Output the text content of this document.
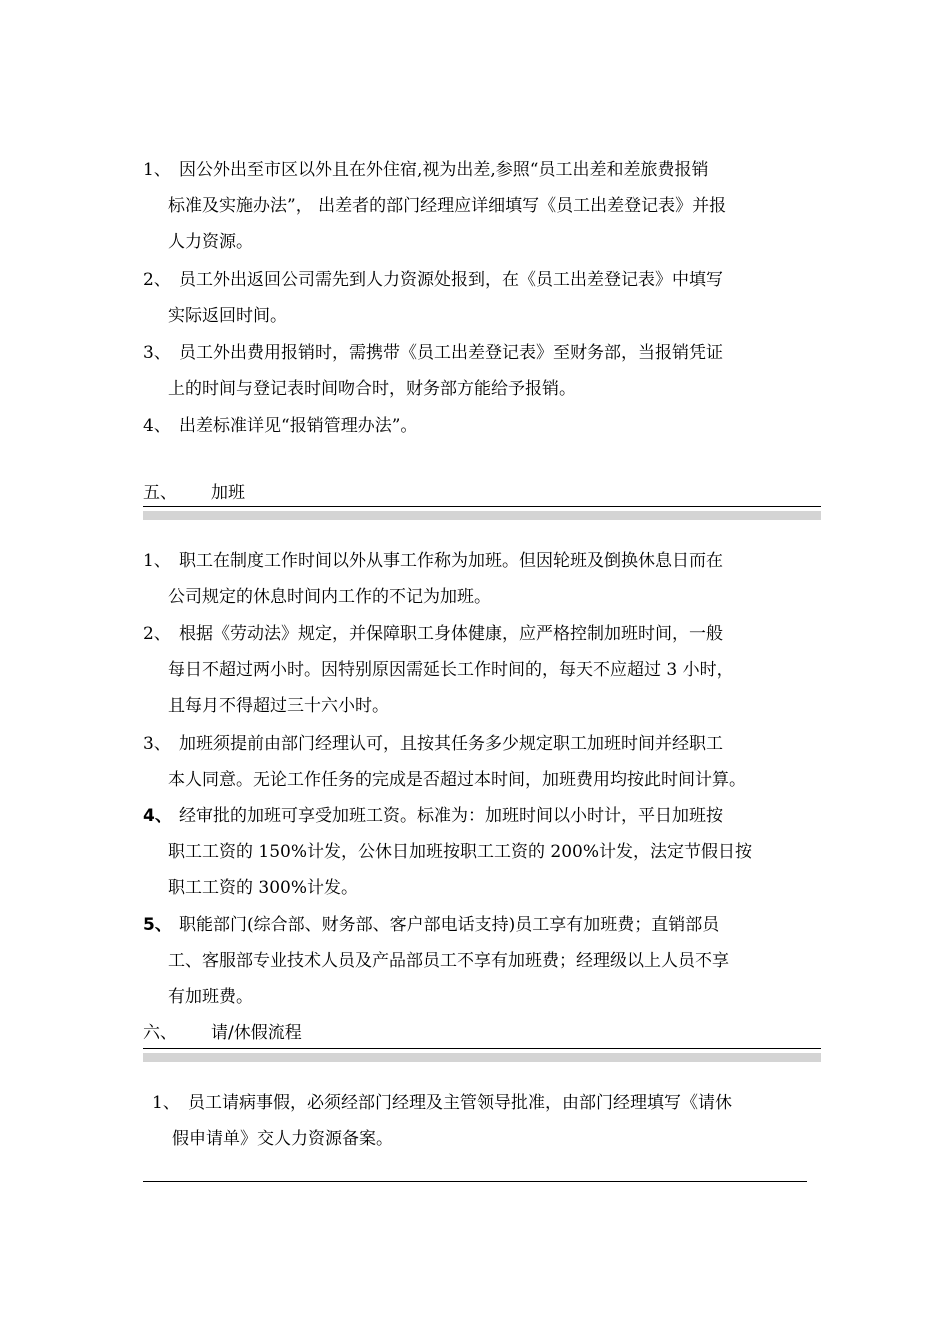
1、 因公外出至市区以外且在外住宿,视为出差,参照“员工出差和差旅费报销
标准及实施办法”， 出差者的部门经理应详细填写《员工出差登记表》并报
人力资源。
2、 员工外出返回公司需先到人力资源处报到，在《员工出差登记表》中填写
实际返回时间。
3、 员工外出费用报销时，需携带《员工出差登记表》至财务部，当报销凭证
上的时间与登记表时间吻合时，财务部方能给予报销。
4、 出差标准详见“报销管理办法”。
五、 加班
1、 职工在制度工作时间以外从事工作称为加班。但因轮班及倒换休息日而在
公司规定的休息时间内工作的不记为加班。
2、 根据《劳动法》规定，并保障职工身体健康，应严格控制加班时间，一般
每日不超过两小时。因特别原因需延长工作时间的，每天不应超过 3 小时，
且每月不得超过三十六小时。
3、 加班须提前由部门经理认可，且按其任务多少规定职工加班时间并经职工
本人同意。无论工作任务的完成是否超过本时间，加班费用均按此时间计算。
4、 经审批的加班可享受加班工资。标准为：加班时间以小时计，平日加班按
职工工资的 150%计发，公休日加班按职工工资的 200%计发，法定节假日按
职工工资的 300%计发。
5、 职能部门(综合部、财务部、客户部电话支持)员工享有加班费；直销部员
工、客服部专业技术人员及产品部员工不享有加班费；经理级以上人员不享
有加班费。
六、 请/休假流程
1、 员工请病事假，必须经部门经理及主管领导批准，由部门经理填写《请休
假申请单》交人力资源备案。
